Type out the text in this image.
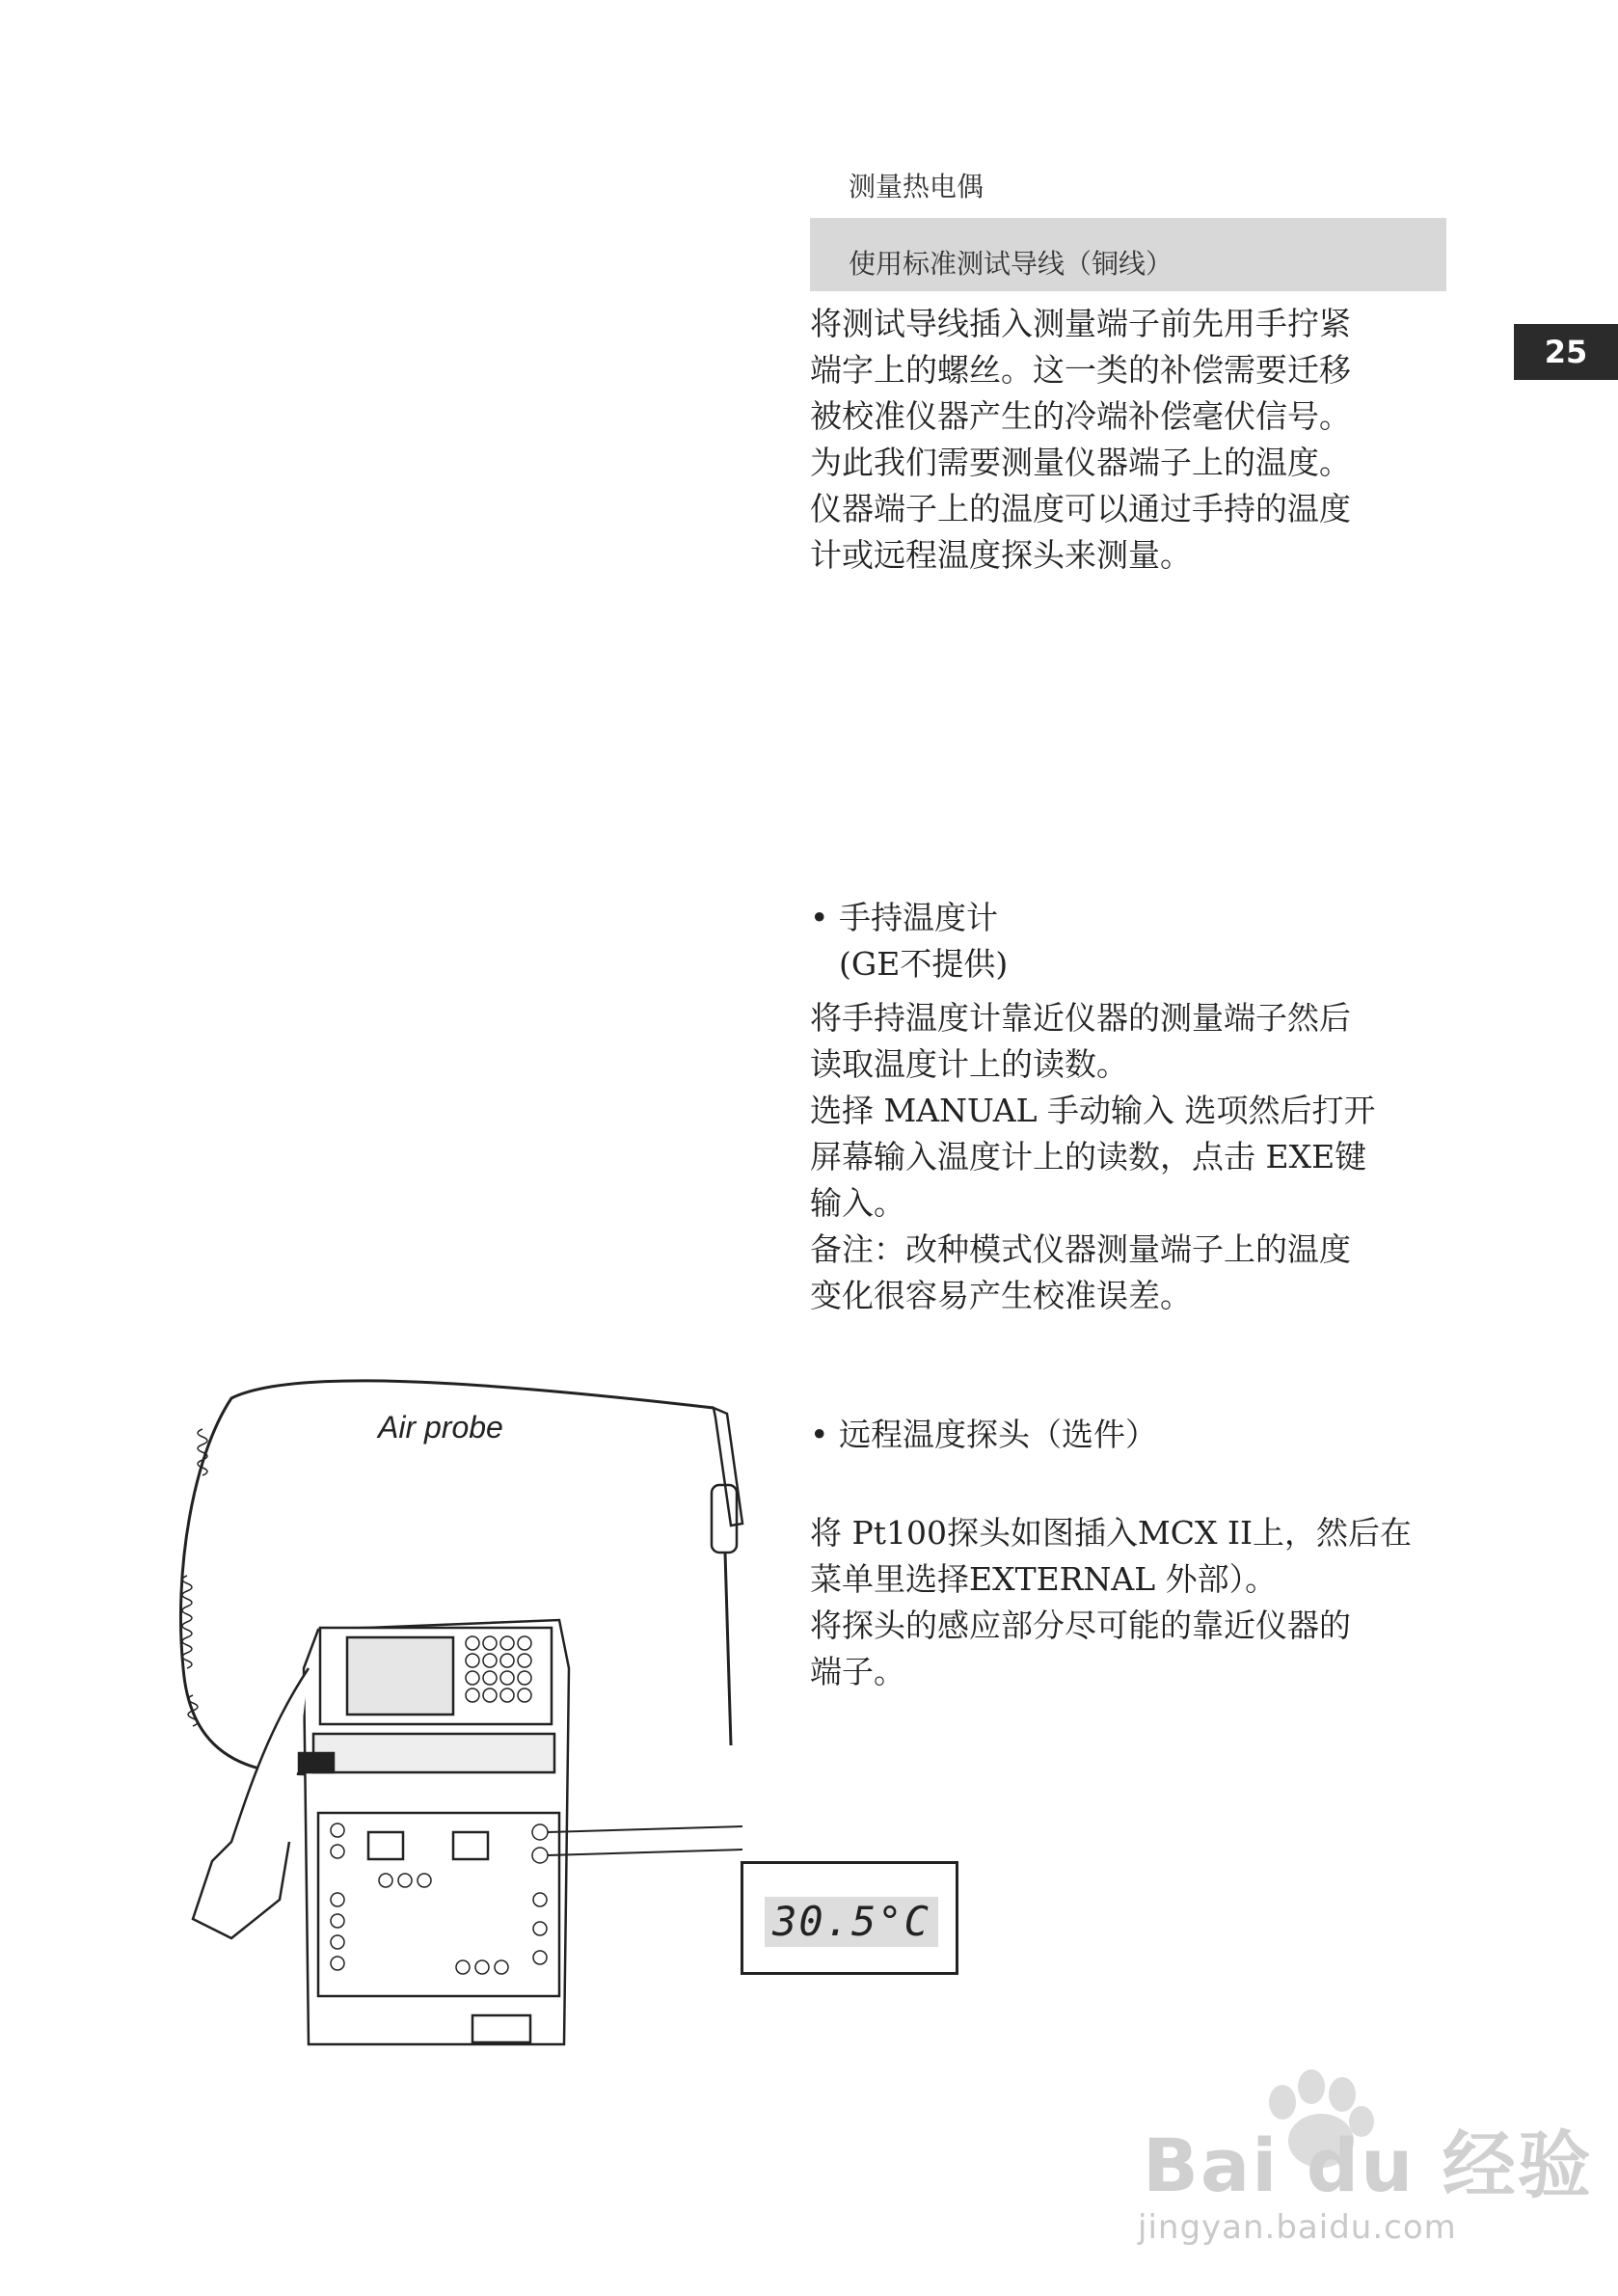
测量热电偶
使用标准测试导线（铜线）
25

将测试导线插入测量端子前先用手拧紧

端字上的螺丝。这一类的补偿需要迁移

被校准仪器产生的冷端补偿毫伏信号。

为此我们需要测量仪器端子上的温度。

仪器端子上的温度可以通过手持的温度

计或远程温度探头来测量。

• 手持温度计
(GE不提供)

将手持温度计靠近仪器的测量端子然后

读取温度计上的读数。

选择 MANUAL 手动输入 选项然后打开

屏幕输入温度计上的读数，点击 EXE键

输入。

备注：改种模式仪器测量端子上的温度

变化很容易产生校准误差。

• 远程温度探头（选件）

将 Pt100探头如图插入MCX II上，然后在

菜单里选择EXTERNAL 外部）。

将探头的感应部分尽可能的靠近仪器的

端子。

Air probe
30.5°C
Bai du 经验
jingyan.baidu.com
